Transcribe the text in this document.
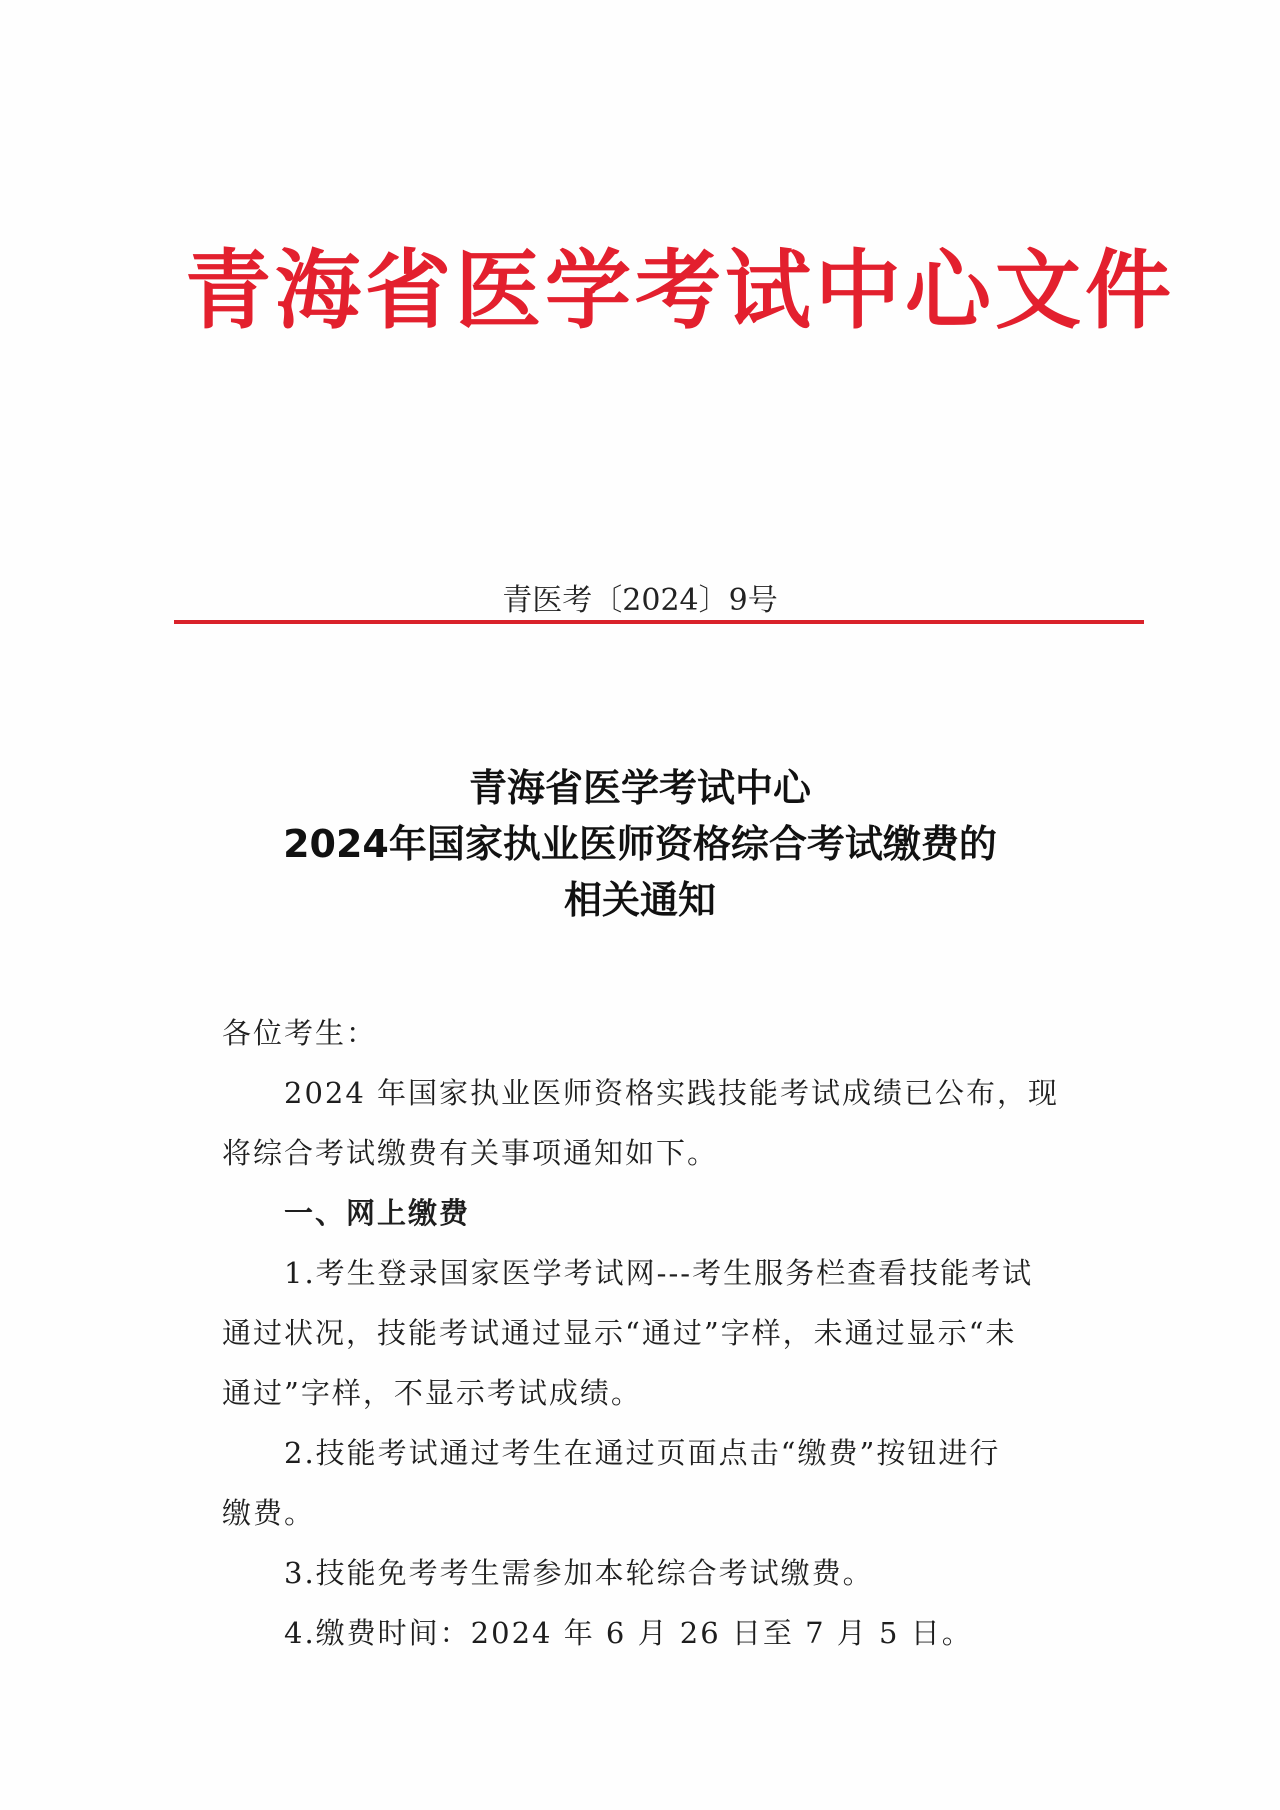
青海省医学考试中心文件
青医考〔2024〕9号
青海省医学考试中心
2024年国家执业医师资格综合考试缴费的
相关通知
各位考生：
2024 年国家执业医师资格实践技能考试成绩已公布，现
将综合考试缴费有关事项通知如下。
一、网上缴费
1.考生登录国家医学考试网---考生服务栏查看技能考试
通过状况，技能考试通过显示“通过”字样，未通过显示“未
通过”字样，不显示考试成绩。
2.技能考试通过考生在通过页面点击“缴费”按钮进行
缴费。
3.技能免考考生需参加本轮综合考试缴费。
4.缴费时间：2024 年 6 月 26 日至 7 月 5 日。
